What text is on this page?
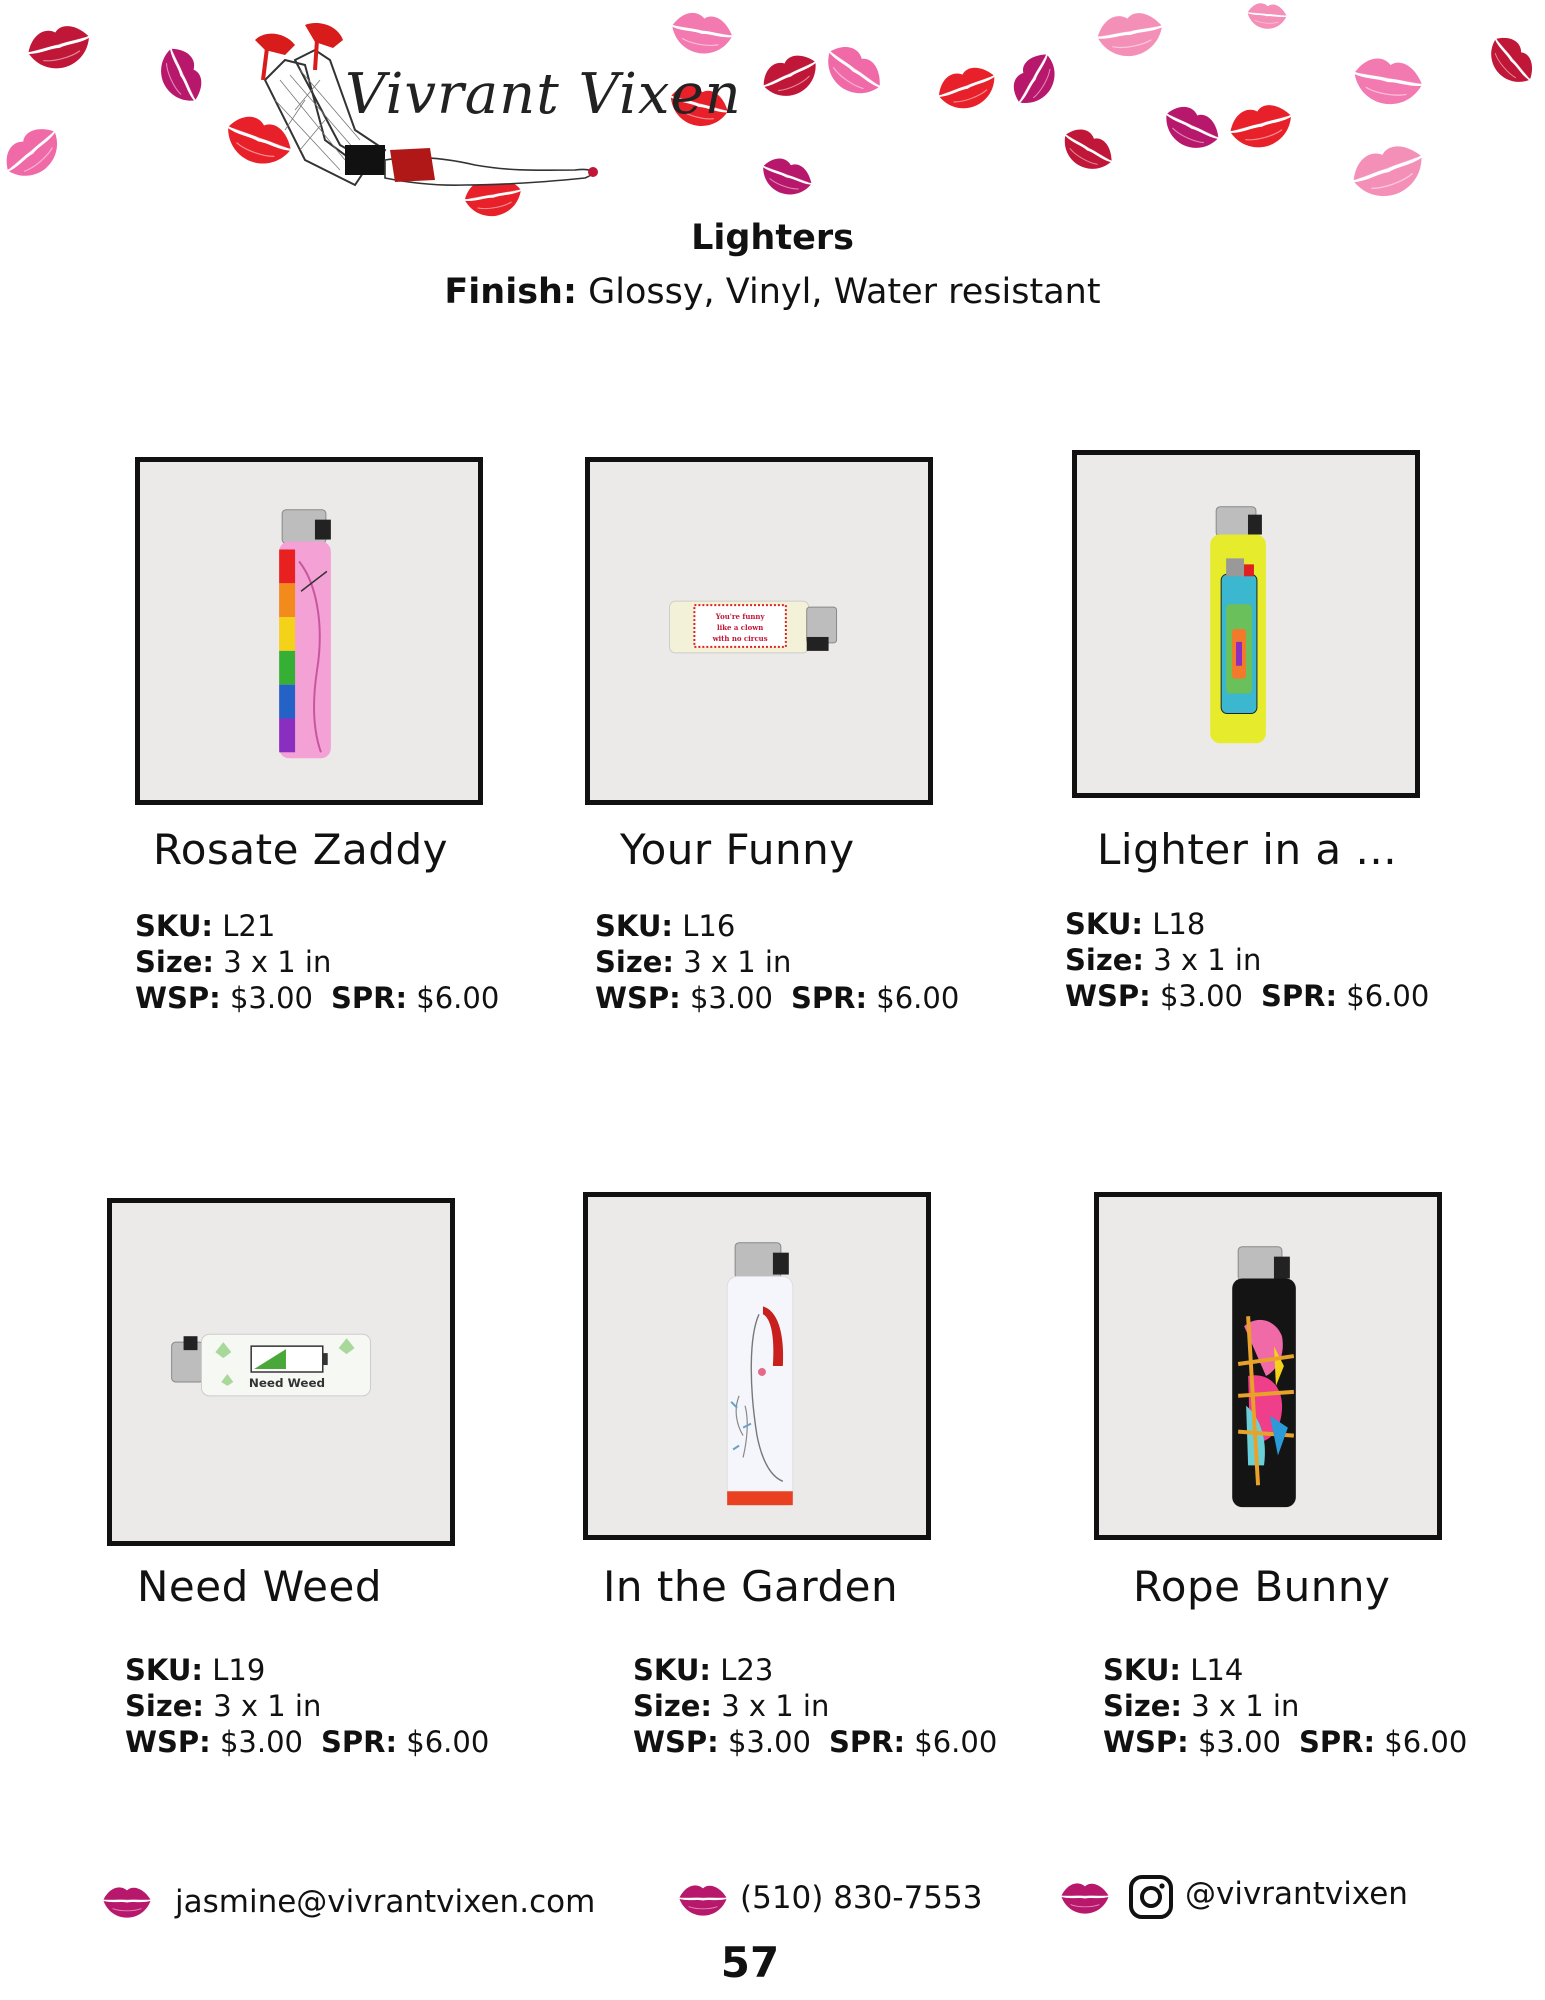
Vivrant Vixen
Lighters
Finish: Glossy, Vinyl, Water resistant
Rosate Zaddy
SKU: L21
Size: 3 x 1 in
WSP: $3.00 SPR: $6.00
You're funny
like a clown
with no circus
Your Funny
SKU: L16
Size: 3 x 1 in
WSP: $3.00 SPR: $6.00
Lighter in a ...
SKU: L18
Size: 3 x 1 in
WSP: $3.00 SPR: $6.00
Need Weed
Need Weed
SKU: L19
Size: 3 x 1 in
WSP: $3.00 SPR: $6.00
In the Garden
SKU: L23
Size: 3 x 1 in
WSP: $3.00 SPR: $6.00
Rope Bunny
SKU: L14
Size: 3 x 1 in
WSP: $3.00 SPR: $6.00
jasmine@vivrantvixen.com	(510) 830-7553	@vivrantvixen
57
